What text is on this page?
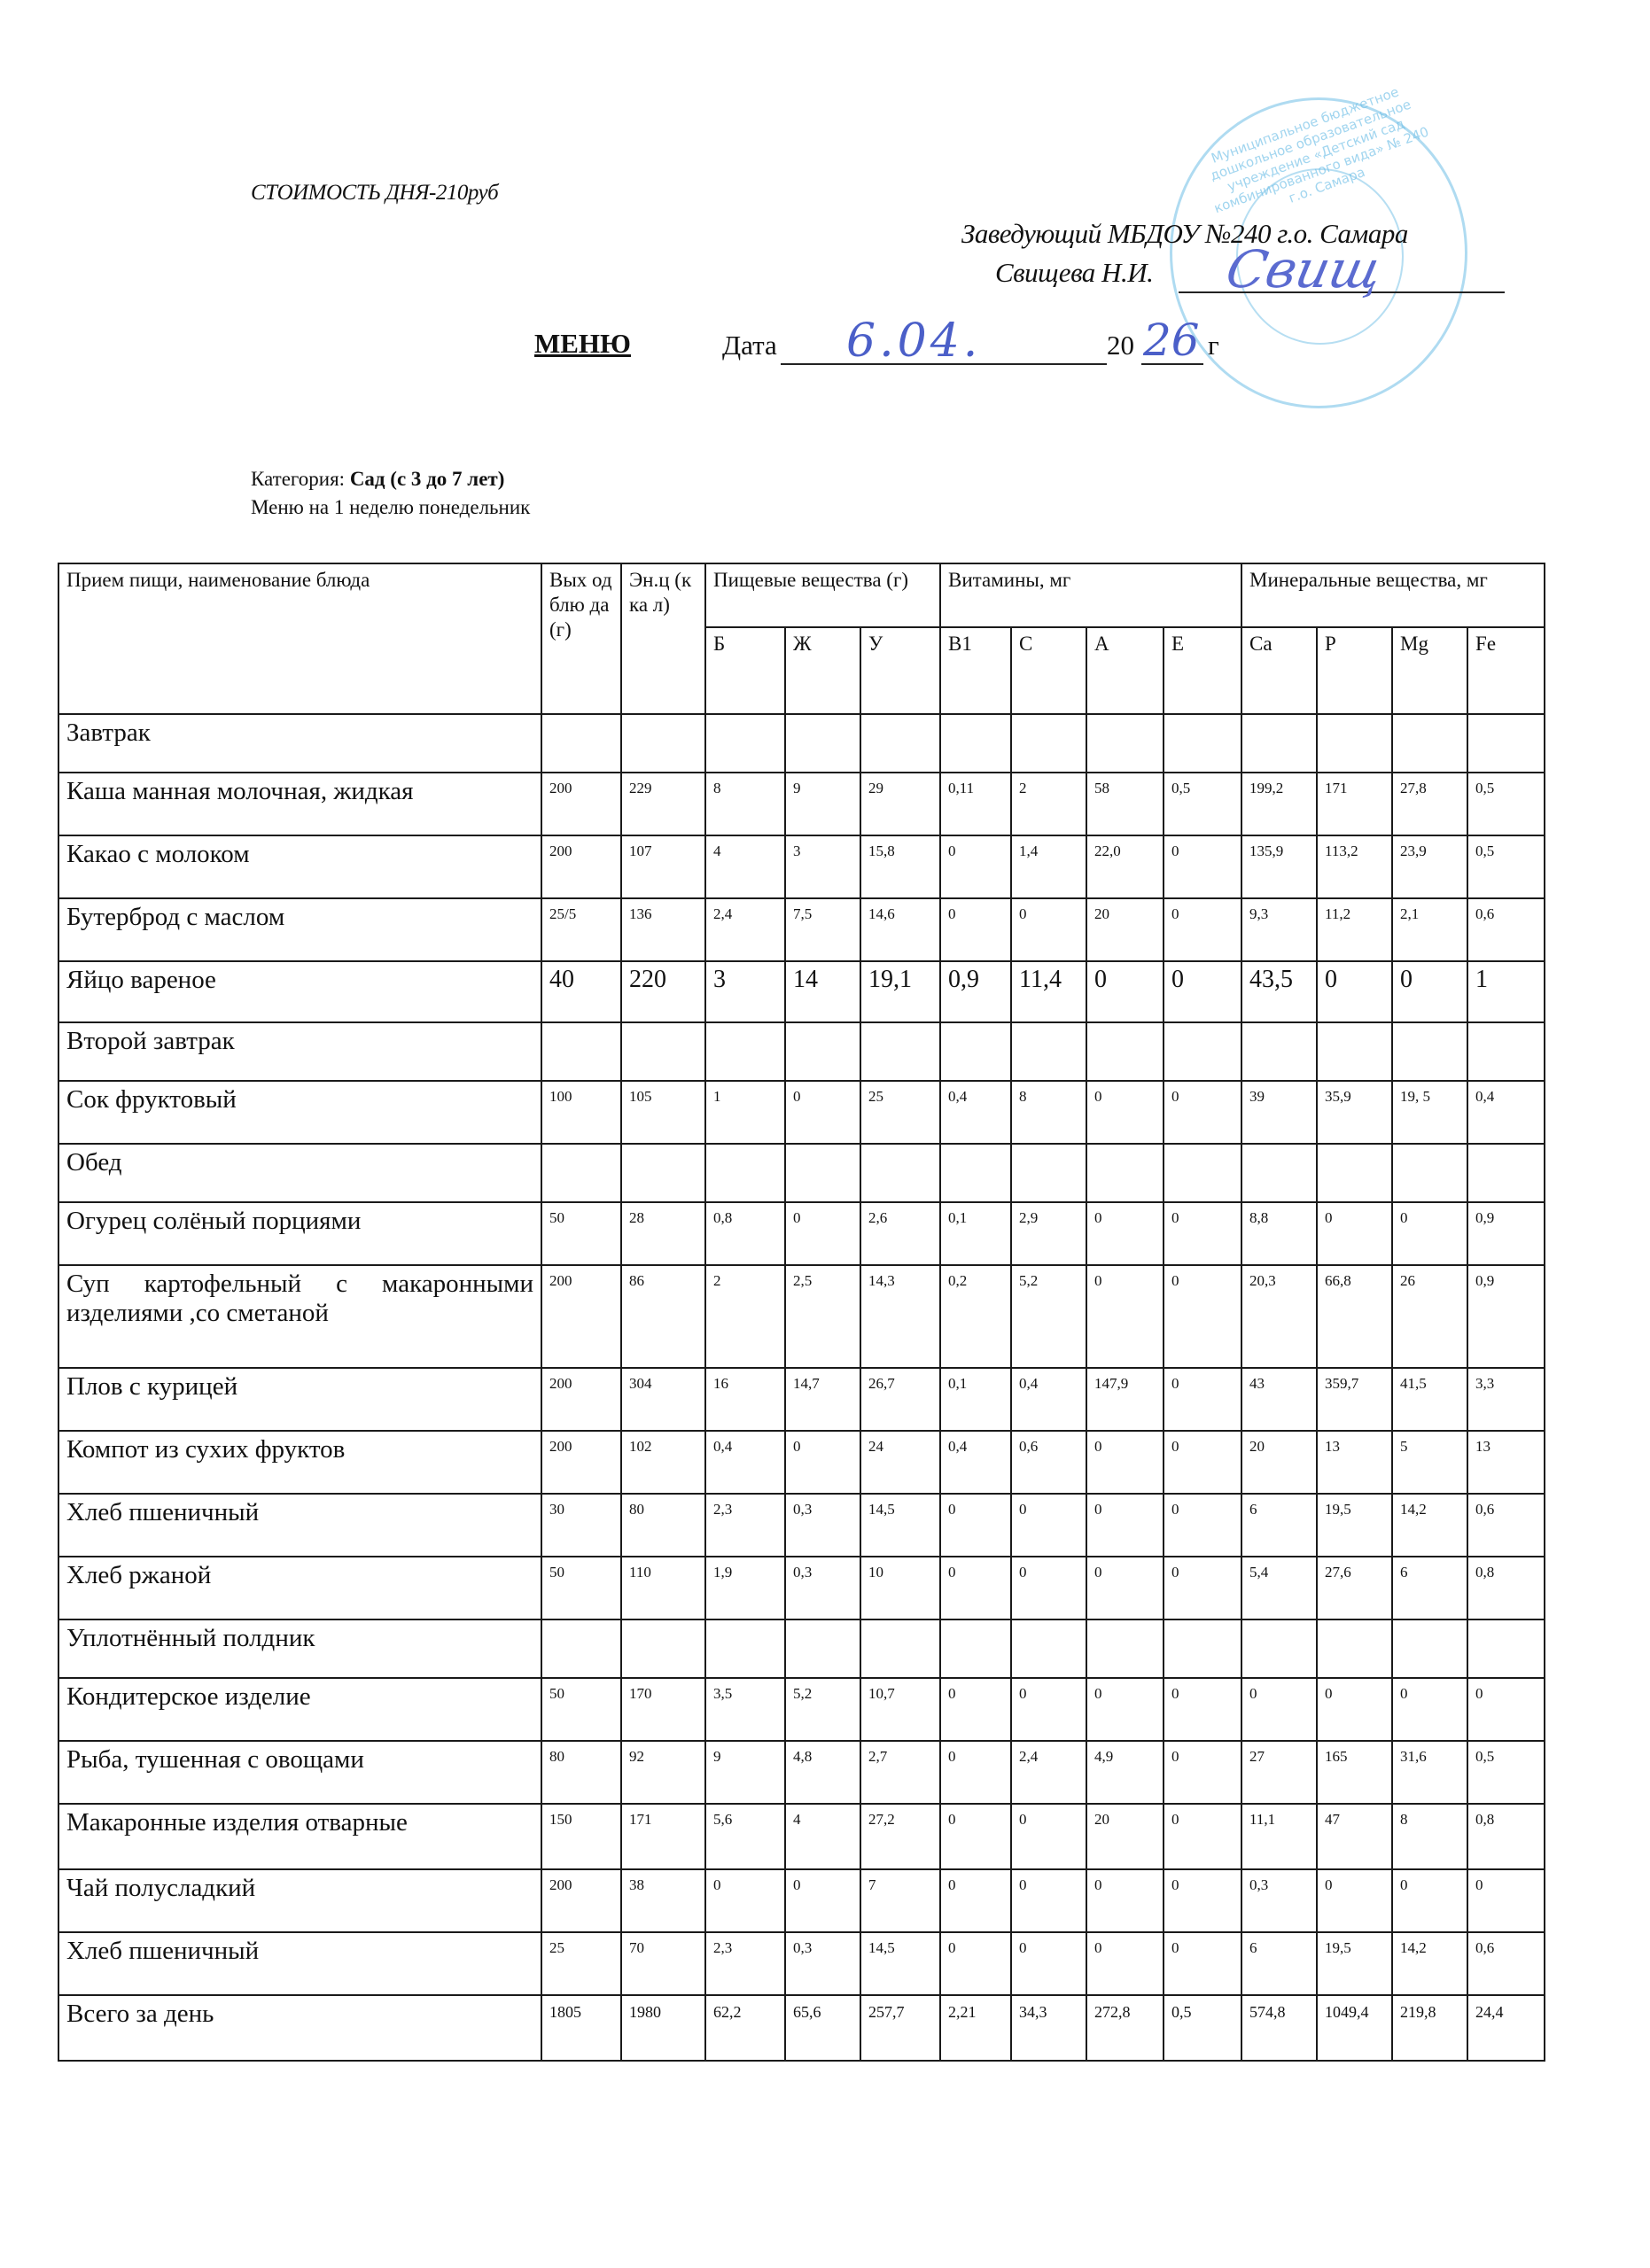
Муниципальное бюджетное дошкольное образовательное учреждение «Детский сад комбинированного вида» № 240 г.о. Самара
СТОИМОСТЬ ДНЯ-210руб
Заведующий МБДОУ №240 г.о. Самара
Свищева Н.И. Свищ
МЕНЮ	Дата 6.04.	20 26 г
Категория: Сад (с 3 до 7 лет)
Меню на 1 неделю понедельник
Прием пищи, наименование блюда	Вых од блю да (г)	Эн.ц (кка л)	Пищевые вещества (г)			Витамины, мг				Минеральные вещества, мг			
			Б	Ж	У	B1	C	A	E	Ca	P	Mg	Fe
Завтрак													
Каша манная молочная, жидкая	200	229	8	9	29	0,11	2	58	0,5	199,2	171	27,8	0,5
Какао с молоком	200	107	4	3	15,8	0	1,4	22,0	0	135,9	113,2	23,9	0,5
Бутерброд с маслом	25/5	136	2,4	7,5	14,6	0	0	20	0	9,3	11,2	2,1	0,6
Яйцо вареное	40	220	3	14	19,1	0,9	11,4	0	0	43,5	0	0	1
Второй завтрак													
Сок фруктовый	100	105	1	0	25	0,4	8	0	0	39	35,9	19, 5	0,4
Обед													
Огурец солёный порциями	50	28	0,8	0	2,6	0,1	2,9	0	0	8,8	0	0	0,9
Суп картофельный с макаронными изделиями ,со сметаной	200	86	2	2,5	14,3	0,2	5,2	0	0	20,3	66,8	26	0,9
Плов с курицей	200	304	16	14,7	26,7	0,1	0,4	147,9	0	43	359,7	41,5	3,3
Компот из сухих фруктов	200	102	0,4	0	24	0,4	0,6	0	0	20	13	5	13
Хлеб пшеничный	30	80	2,3	0,3	14,5	0	0	0	0	6	19,5	14,2	0,6
Хлеб ржаной	50	110	1,9	0,3	10	0	0	0	0	5,4	27,6	6	0,8
Уплотнённый полдник													
Кондитерское изделие	50	170	3,5	5,2	10,7	0	0	0	0	0	0	0	0
Рыба, тушенная с овощами	80	92	9	4,8	2,7	0	2,4	4,9	0	27	165	31,6	0,5
Макаронные изделия отварные	150	171	5,6	4	27,2	0	0	20	0	11,1	47	8	0,8
Чай полусладкий	200	38	0	0	7	0	0	0	0	0,3	0	0	0
Хлеб пшеничный	25	70	2,3	0,3	14,5	0	0	0	0	6	19,5	14,2	0,6
Всего за день	1805	1980	62,2	65,6	257,7	2,21	34,3	272,8	0,5	574,8	1049,4	219,8	24,4
